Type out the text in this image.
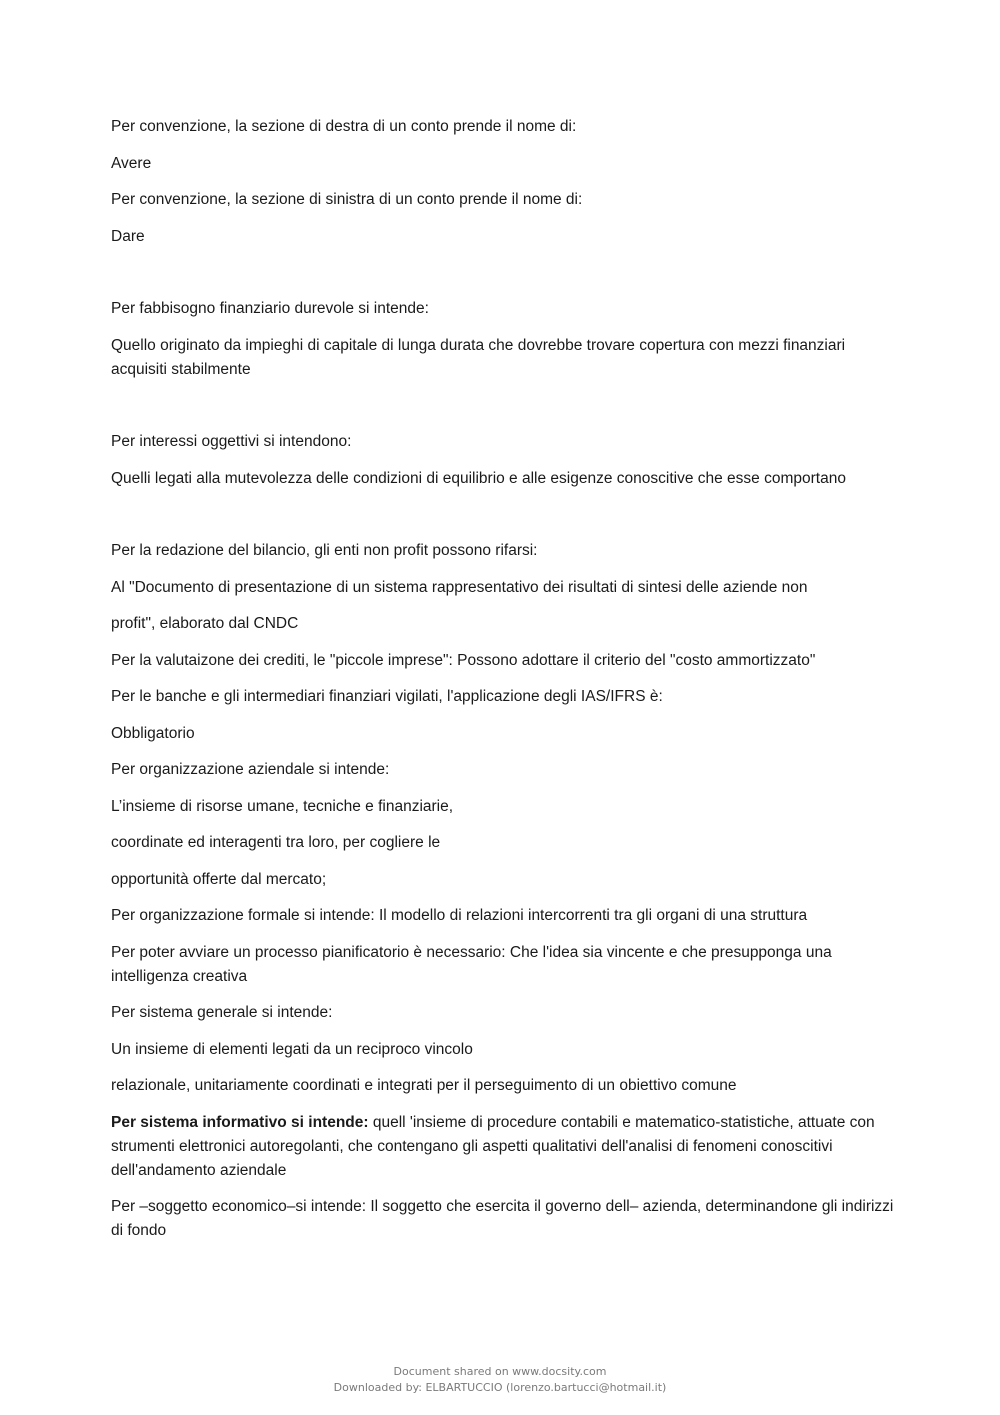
Per convenzione, la sezione di destra di un conto prende il nome di:

Avere

Per convenzione, la sezione di sinistra di un conto prende il nome di:

Dare

Per fabbisogno finanziario durevole si intende:

Quello originato da impieghi di capitale di lunga durata che dovrebbe trovare copertura con mezzi finanziari acquisiti stabilmente

Per interessi oggettivi si intendono:

Quelli legati alla mutevolezza delle condizioni di equilibrio e alle esigenze conoscitive che esse comportano

Per la redazione del bilancio, gli enti non profit possono rifarsi:

Al "Documento di presentazione di un sistema rappresentativo dei risultati di sintesi delle aziende non

profit", elaborato dal CNDC

Per la valutaizone dei crediti, le "piccole imprese": Possono adottare il criterio del "costo ammortizzato"

Per le banche e gli intermediari finanziari vigilati, l'applicazione degli IAS/IFRS è:

Obbligatorio

Per organizzazione aziendale si intende:

L’insieme di risorse umane, tecniche e finanziarie,

coordinate ed interagenti tra loro, per cogliere le

opportunità offerte dal mercato;

Per organizzazione formale si intende: Il modello di relazioni intercorrenti tra gli organi di una struttura

Per poter avviare un processo pianificatorio è necessario: Che l'idea sia vincente e che presupponga una intelligenza creativa

Per sistema generale si intende:

Un insieme di elementi legati da un reciproco vincolo

relazionale, unitariamente coordinati e integrati per il perseguimento di un obiettivo comune

Per sistema informativo si intende: quell 'insieme di procedure contabili e matematico-statistiche, attuate con strumenti elettronici autoregolanti, che contengano gli aspetti qualitativi dell'analisi di fenomeni conoscitivi dell'andamento aziendale

Per –soggetto economico–si intende: Il soggetto che esercita il governo dell– azienda, determinandone gli indirizzi di fondo

Document shared on www.docsity.com
Downloaded by: ELBARTUCCIO (lorenzo.bartucci@hotmail.it)
